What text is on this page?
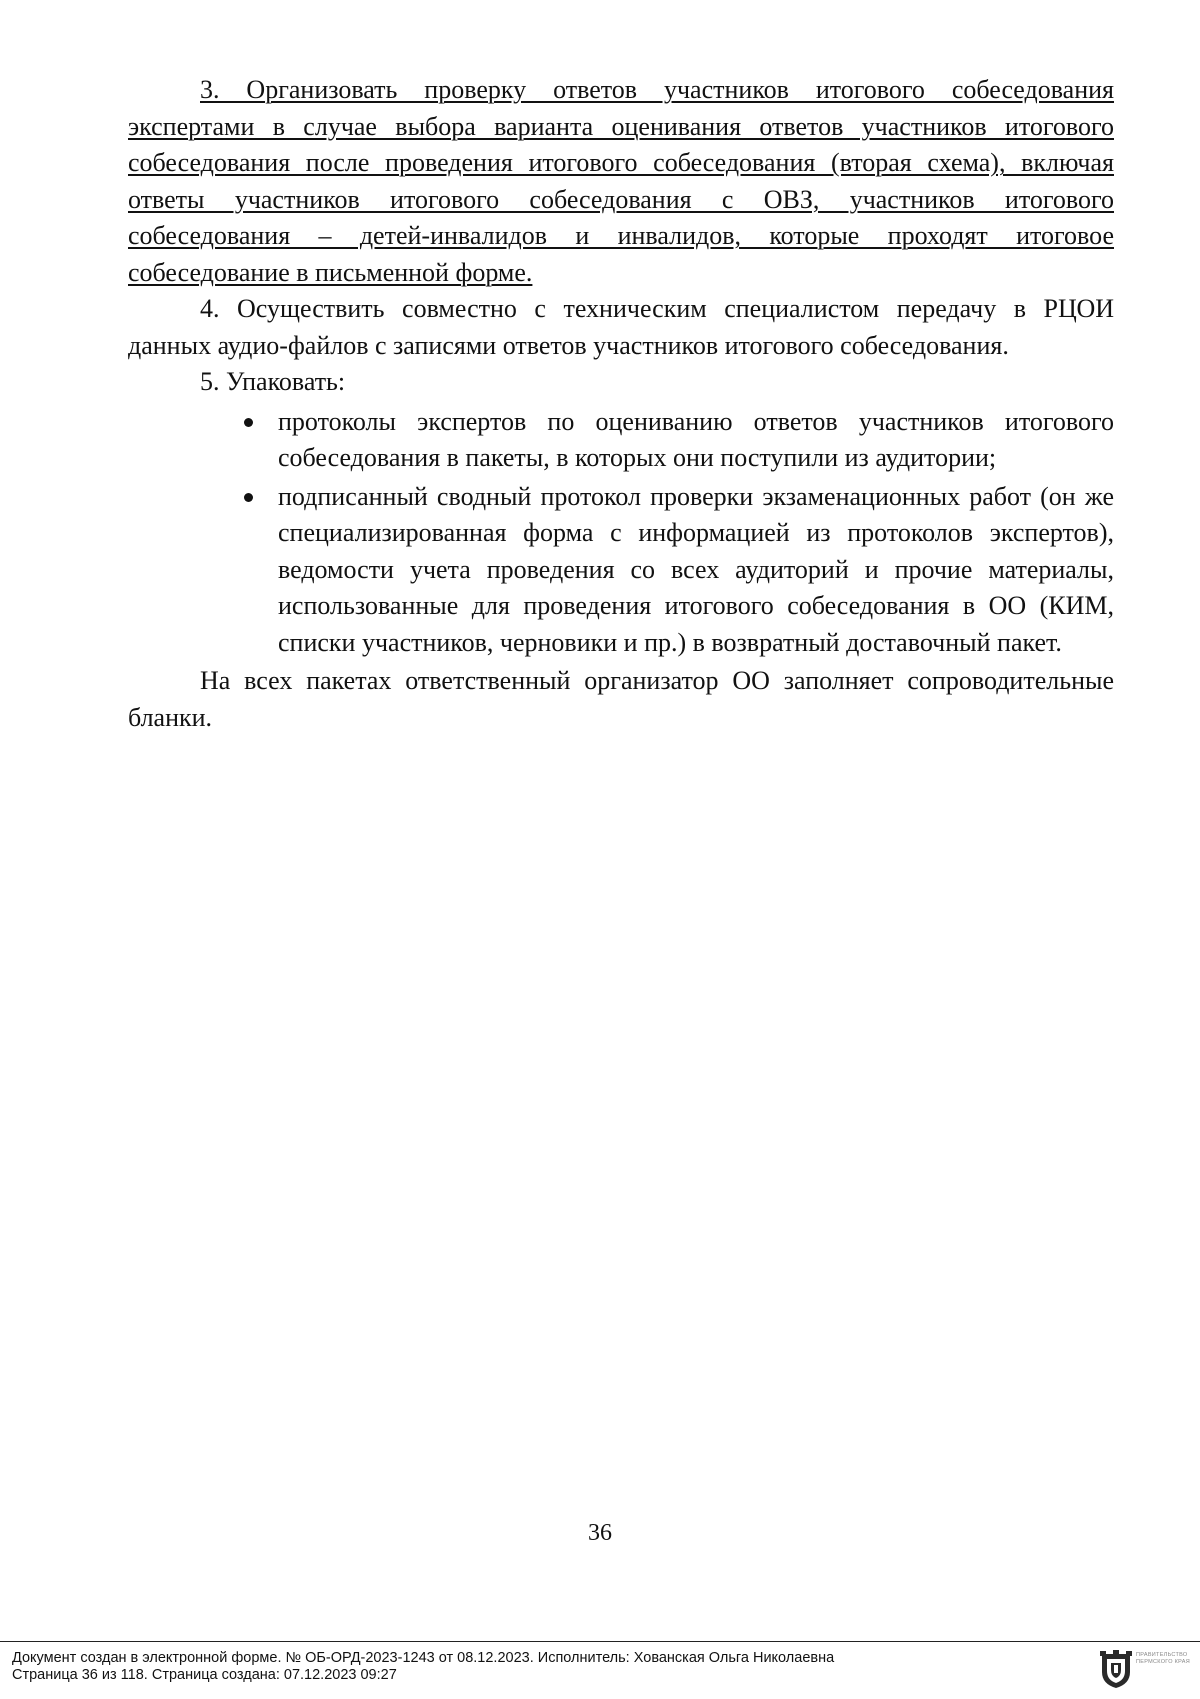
3. Организовать проверку ответов участников итогового собеседования экспертами в случае выбора варианта оценивания ответов участников итогового собеседования после проведения итогового собеседования (вторая схема), включая ответы участников итогового собеседования с ОВЗ, участников итогового собеседования – детей-инвалидов и инвалидов, которые проходят итоговое собеседование в письменной форме.

4. Осуществить совместно с техническим специалистом передачу в РЦОИ данных аудио-файлов с записями ответов участников итогового собеседования.

5. Упаковать:

протоколы экспертов по оцениванию ответов участников итогового собеседования в пакеты, в которых они поступили из аудитории;
подписанный сводный протокол проверки экзаменационных работ (он же специализированная форма с информацией из протоколов экспертов), ведомости учета проведения со всех аудиторий и прочие материалы, использованные для проведения итогового собеседования в ОО (КИМ, списки участников, черновики и пр.) в возвратный доставочный пакет.

На всех пакетах ответственный организатор ОО заполняет сопроводительные бланки.

36
Документ создан в электронной форме. № ОБ-ОРД-2023-1243 от 08.12.2023. Исполнитель: Хованская Ольга Николаевна
Страница 36 из 118. Страница создана: 07.12.2023 09:27
ПРАВИТЕЛЬСТВО ПЕРМСКОГО КРАЯ
